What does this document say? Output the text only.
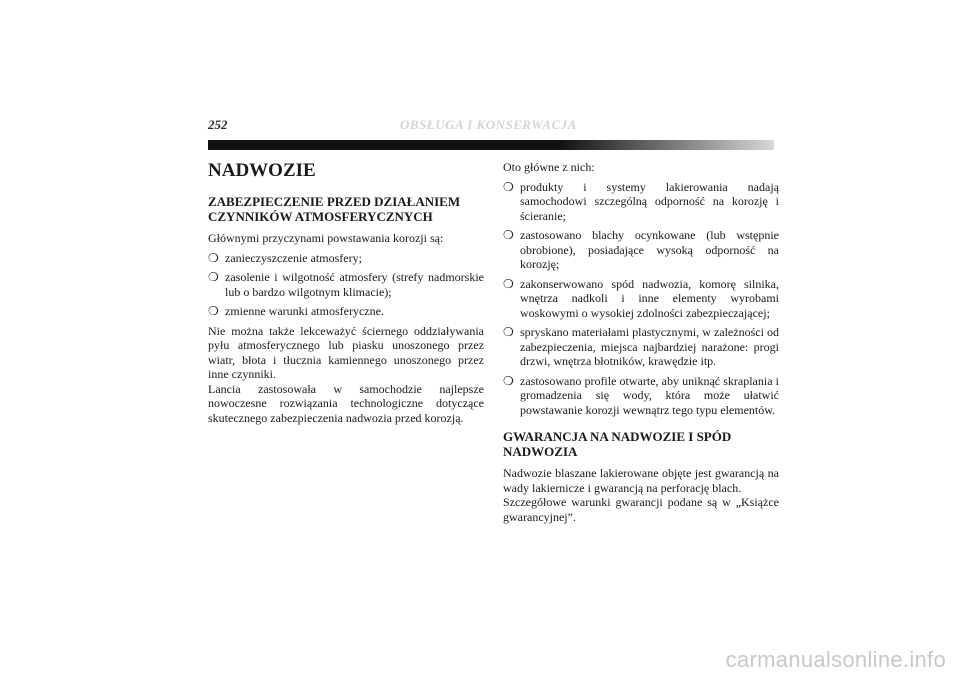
252	OBSŁUGA I KONSERWACJA
NADWOZIE
ZABEZPIECZENIE PRZED DZIAŁANIEM CZYNNIKÓW ATMOSFERYCZNYCH

Głównymi przyczynami powstawania korozji są:

❍ zanieczyszczenie atmosfery;
❍ zasolenie i wilgotność atmosfery (strefy nadmorskie lub o bardzo wilgotnym klimacie);
❍ zmienne warunki atmosferyczne.

Nie można także lekceważyć ściernego oddziaływania pyłu atmosferycznego lub piasku unoszonego przez wiatr, błota i tłucznia kamiennego unoszonego przez inne czynniki.

Lancia zastosowała w samochodzie najlepsze nowoczesne rozwiązania technologiczne dotyczące skutecznego zabezpieczenia nadwozia przed korozją.

Oto główne z nich:

❍ produkty i systemy lakierowania nadają samochodowi szczególną odporność na korozję i ścieranie;
❍ zastosowano blachy ocynkowane (lub wstępnie obrobione), posiadające wysoką odporność na korozję;
❍ zakonserwowano spód nadwozia, komorę silnika, wnętrza nadkoli i inne elementy wyrobami woskowymi o wysokiej zdolności zabezpieczającej;
❍ spryskano materiałami plastycznymi, w zależności od zabezpieczenia, miejsca najbardziej narażone: progi drzwi, wnętrza błotników, krawędzie itp.
❍ zastosowano profile otwarte, aby uniknąć skraplania i gromadzenia się wody, która może ułatwić powstawanie korozji wewnątrz tego typu elementów.
GWARANCJA NA NADWOZIE I SPÓD NADWOZIA

Nadwozie blaszane lakierowane objęte jest gwarancją na wady lakiernicze i gwarancją na perforację blach.

Szczegółowe warunki gwarancji podane są w „Książce gwarancyjnej”.

carmanualsonline.info
